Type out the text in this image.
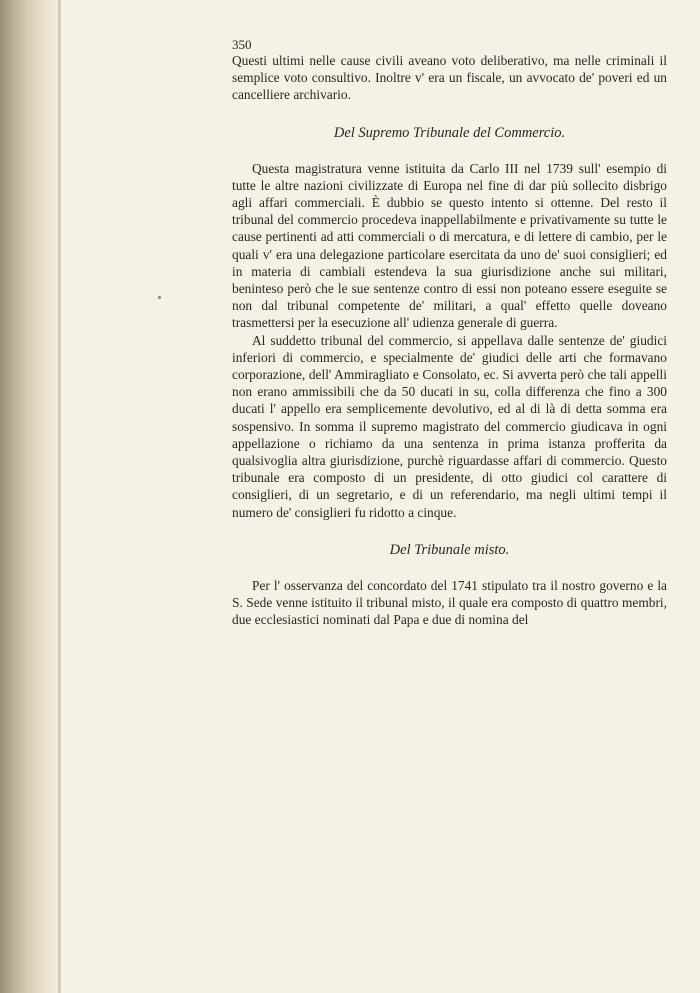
350

Questi ultimi nelle cause civili aveano voto deliberativo, ma nelle criminali il semplice voto consultivo. Inoltre v' era un fiscale, un avvocato de' poveri ed un cancelliere archivario.

Del Supremo Tribunale del Commercio.

Questa magistratura venne istituita da Carlo III nel 1739 sull' esempio di tutte le altre nazioni civilizzate di Europa nel fine di dar più sollecito disbrigo agli affari commerciali. È dubbio se questo intento si ottenne. Del resto il tribunal del commercio procedeva inappellabilmente e privativamente su tutte le cause pertinenti ad atti commerciali o di mercatura, e di lettere di cambio, per le quali v' era una delegazione particolare esercitata da uno de' suoi consiglieri; ed in materia di cambiali estendeva la sua giurisdizione anche sui militari, beninteso però che le sue sentenze contro di essi non poteano essere eseguite se non dal tribunal competente de' militari, a qual' effetto quelle doveano trasmettersi per la esecuzione all' udienza generale di guerra.

Al suddetto tribunal del commercio, si appellava dalle sentenze de' giudici inferiori di commercio, e specialmente de' giudici delle arti che formavano corporazione, dell' Ammiragliato e Consolato, ec. Si avverta però che tali appelli non erano ammissibili che da 50 ducati in su, colla differenza che fino a 300 ducati l' appello era semplicemente devolutivo, ed al di là di detta somma era sospensivo. In somma il supremo magistrato del commercio giudicava in ogni appellazione o richiamo da una sentenza in prima istanza profferita da qualsivoglia altra giurisdizione, purchè riguardasse affari di commercio. Questo tribunale era composto di un presidente, di otto giudici col carattere di consiglieri, di un segretario, e di un referendario, ma negli ultimi tempi il numero de' consiglieri fu ridotto a cinque.

Del Tribunale misto.

Per l' osservanza del concordato del 1741 stipulato tra il nostro governo e la S. Sede venne istituito il tribunal misto, il quale era composto di quattro membri, due ecclesiastici nominati dal Papa e due di nomina del
